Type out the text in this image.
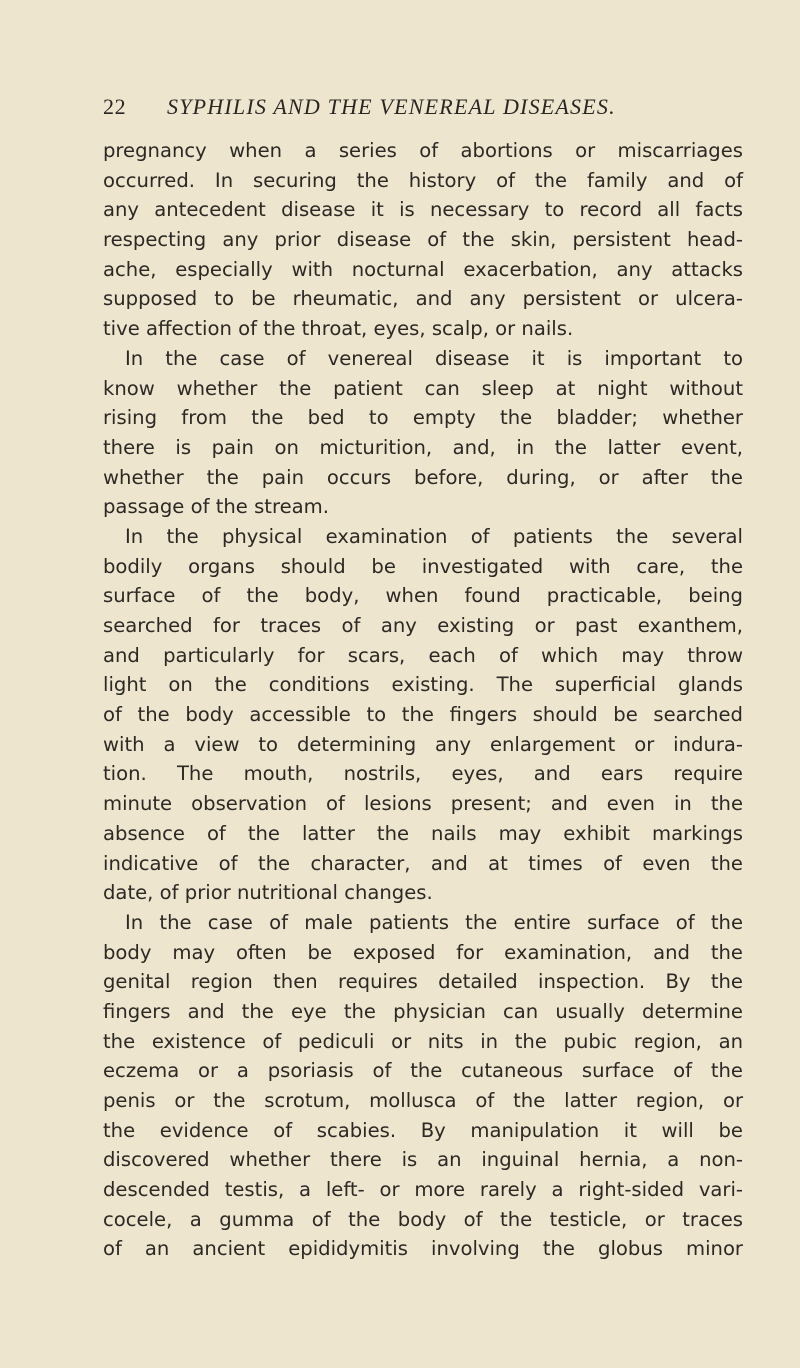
22 SYPHILIS AND THE VENEREAL DISEASES.
pregnancy when a series of abortions or miscarriages
occurred. In securing the history of the family and of
any antecedent disease it is necessary to record all facts
respecting any prior disease of the skin, persistent head-
ache, especially with nocturnal exacerbation, any attacks
supposed to be rheumatic, and any persistent or ulcera-
tive affection of the throat, eyes, scalp, or nails.
In the case of venereal disease it is important to
know whether the patient can sleep at night without
rising from the bed to empty the bladder; whether
there is pain on micturition, and, in the latter event,
whether the pain occurs before, during, or after the
passage of the stream.
In the physical examination of patients the several
bodily organs should be investigated with care, the
surface of the body, when found practicable, being
searched for traces of any existing or past exanthem,
and particularly for scars, each of which may throw
light on the conditions existing. The superficial glands
of the body accessible to the fingers should be searched
with a view to determining any enlargement or indura-
tion. The mouth, nostrils, eyes, and ears require
minute observation of lesions present; and even in the
absence of the latter the nails may exhibit markings
indicative of the character, and at times of even the
date, of prior nutritional changes.
In the case of male patients the entire surface of the
body may often be exposed for examination, and the
genital region then requires detailed inspection. By the
fingers and the eye the physician can usually determine
the existence of pediculi or nits in the pubic region, an
eczema or a psoriasis of the cutaneous surface of the
penis or the scrotum, mollusca of the latter region, or
the evidence of scabies. By manipulation it will be
discovered whether there is an inguinal hernia, a non-
descended testis, a left- or more rarely a right-sided vari-
cocele, a gumma of the body of the testicle, or traces
of an ancient epididymitis involving the globus minor
